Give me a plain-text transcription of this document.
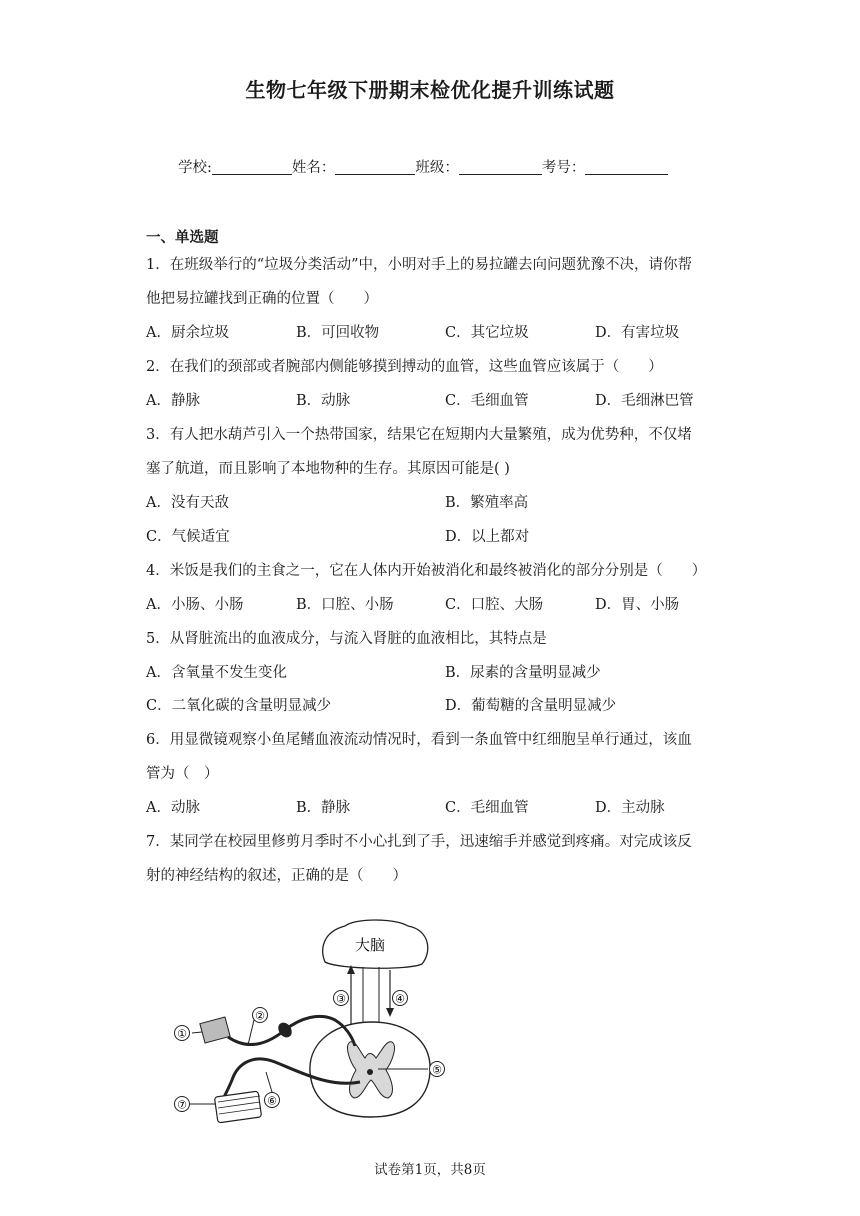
生物七年级下册期末检优化提升训练试题
学校:	姓名：	班级：	考号：
一、单选题
1．在班级举行的“垃圾分类活动”中，小明对手上的易拉罐去向问题犹豫不决，请你帮
他把易拉罐找到正确的位置（　　）
A．厨余垃圾	B．可回收物	C．其它垃圾	D．有害垃圾
2．在我们的颈部或者腕部内侧能够摸到搏动的血管，这些血管应该属于（　　）
A．静脉	B．动脉	C．毛细血管	D．毛细淋巴管
3．有人把水葫芦引入一个热带国家，结果它在短期内大量繁殖，成为优势种，不仅堵
塞了航道，而且影响了本地物种的生存。其原因可能是( )
A．没有天敌	B．繁殖率高
C．气候适宜	D．以上都对
4．米饭是我们的主食之一，它在人体内开始被消化和最终被消化的部分分别是（　　）
A．小肠、小肠	B．口腔、小肠	C．口腔、大肠	D．胃、小肠
5．从肾脏流出的血液成分，与流入肾脏的血液相比，其特点是
A．含氧量不发生变化	B．尿素的含量明显减少
C．二氧化碳的含量明显减少	D．葡萄糖的含量明显减少
6．用显微镜观察小鱼尾鳍血液流动情况时，看到一条血管中红细胞呈单行通过，该血
管为（　）
A．动脉	B．静脉	C．毛细血管	D．主动脉
7．某同学在校园里修剪月季时不小心扎到了手，迅速缩手并感觉到疼痛。对完成该反
射的神经结构的叙述，正确的是（　　）
大脑
①
②
③	④
⑤
⑥
⑦
试卷第1页，共8页
